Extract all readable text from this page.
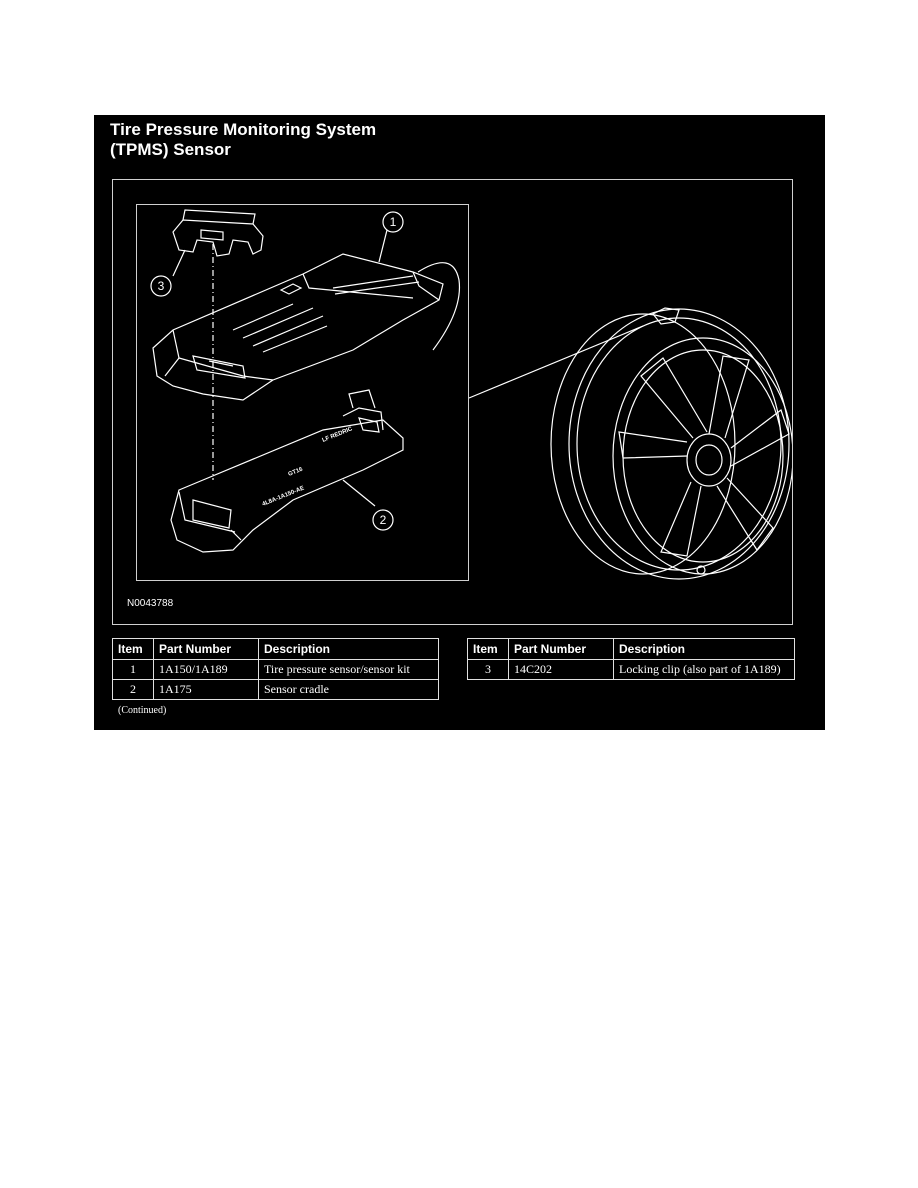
Tire Pressure Monitoring System
(TPMS) Sensor
1
2
3
LF REDRIC
GT16
4L8A-1A150-AE
N0043788
Item	Part Number	Description
1	1A150/1A189	Tire pressure sensor/sensor kit
2	1A175	Sensor cradle
Item	Part Number	Description
3	14C202	Locking clip (also part of 1A189)
(Continued)
